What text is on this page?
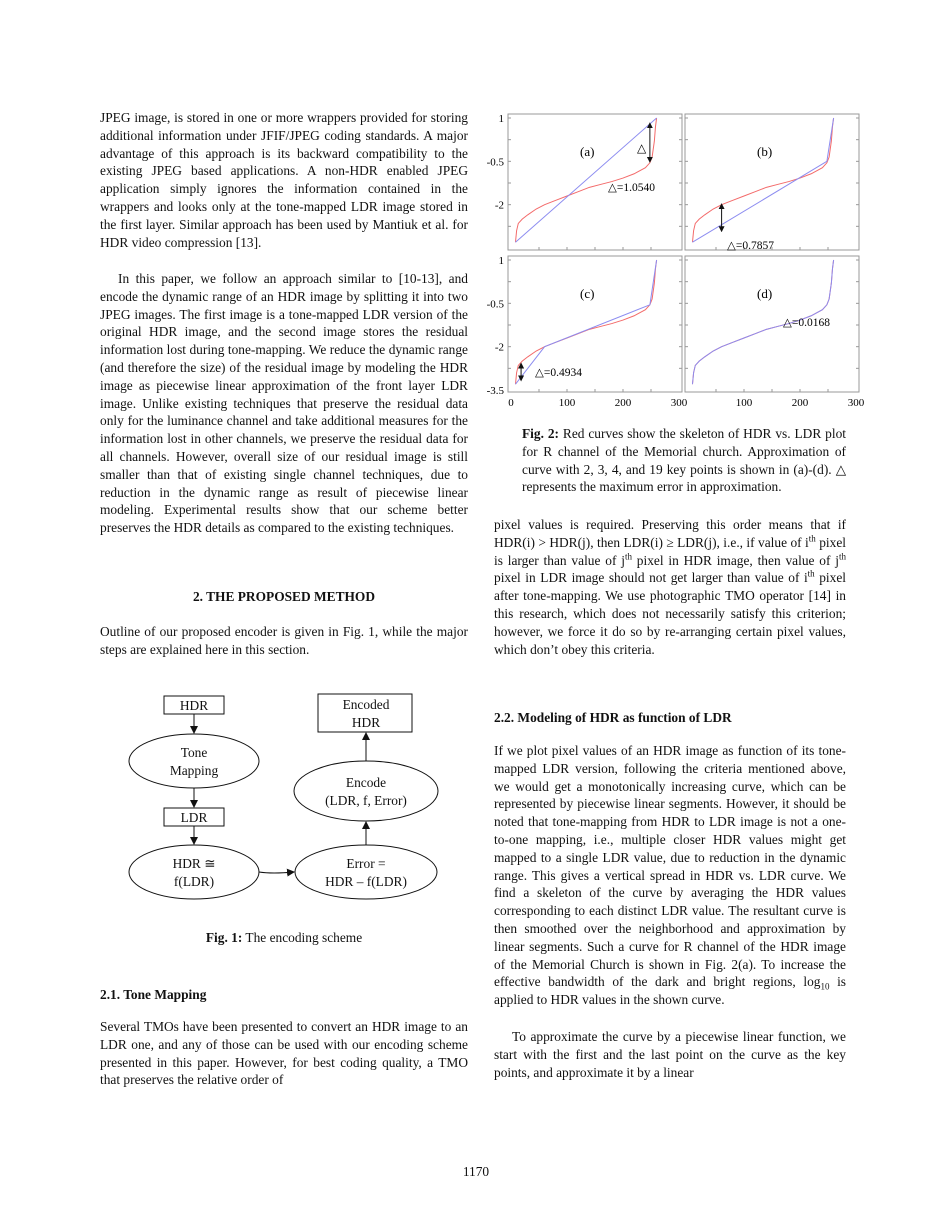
JPEG image, is stored in one or more wrappers provided for storing additional information under JFIF/JPEG coding standards. A major advantage of this approach is its backward compatibility to the existing JPEG based applications. A non-HDR enabled JPEG application simply ignores the information contained in the wrappers and looks only at the tone-mapped LDR image stored in the first layer. Similar approach has been used by Mantiuk et al. for HDR video compression [13].

In this paper, we follow an approach similar to [10-13], and encode the dynamic range of an HDR image by splitting it into two JPEG images. The first image is a tone-mapped LDR version of the original HDR image, and the second image stores the residual information lost during tone-mapping. We reduce the dynamic range (and therefore the size) of the residual image by modeling the HDR image as piecewise linear approximation of the front layer LDR image. Unlike existing techniques that preserve the residual data only for the luminance channel and take additional measures for the information lost in other channels, we preserve the residual data for all channels. However, overall size of our residual image is still smaller than that of existing single channel techniques, due to reduction in the dynamic range as result of piecewise linear modeling. Experimental results show that our scheme better preserves the HDR details as compared to the existing techniques.

2. THE PROPOSED METHOD

Outline of our proposed encoder is given in Fig. 1, while the major steps are explained here in this section.

HDR
Tone
Mapping
LDR
HDR ≅
f(LDR)
Error =
HDR – f(LDR)
Encode
(LDR, f, Error)
Encoded
HDR
Fig. 1: The encoding scheme

2.1. Tone Mapping

Several TMOs have been presented to convert an HDR image to an LDR one, and any of those can be used with our encoding scheme presented in this paper. However, for best coding quality, a TMO that preserves the relative order of

(a)
△=1.0540
△	(b)
△=0.7857
(c)
△=0.4934
(d)
△=0.0168
1
1
-0.5
-0.5
-2
-2
-3.5
0	100	200	300	100	200	300

Fig. 2: Red curves show the skeleton of HDR vs. LDR plot for R channel of the Memorial church. Approximation of curve with 2, 3, 4, and 19 key points is shown in (a)-(d). △ represents the maximum error in approximation.

pixel values is required. Preserving this order means that if HDR(i) > HDR(j), then LDR(i) ≥ LDR(j), i.e., if value of $i^{th}$ pixel is larger than value of $j^{th}$ pixel in HDR image, then value of $j^{th}$ pixel in LDR image should not get larger than value of $i^{th}$ pixel after tone-mapping. We use photographic TMO operator [14] in this research, which does not necessarily satisfy this criterion; however, we force it do so by re-arranging certain pixel values, which don’t obey this criteria.

2.2. Modeling of HDR as function of LDR

If we plot pixel values of an HDR image as function of its tone-mapped LDR version, following the criteria mentioned above, we would get a monotonically increasing curve, which can be represented by piecewise linear segments. However, it should be noted that tone-mapping from HDR to LDR image is not a one-to-one mapping, i.e., multiple closer HDR values might get mapped to a single LDR value, due to reduction in the dynamic range. This gives a vertical spread in HDR vs. LDR curve. We find a skeleton of the curve by averaging the HDR values corresponding to each distinct LDR value. The resultant curve is then smoothed over the neighborhood and approximation by linear segments. Such a curve for R channel of the HDR image of the Memorial Church is shown in Fig. 2(a). To increase the effective bandwidth of the dark and bright regions, $\log_{10}$ is applied to HDR values in the shown curve.

To approximate the curve by a piecewise linear function, we start with the first and the last point on the curve as the key points, and approximate it by a linear

1170
